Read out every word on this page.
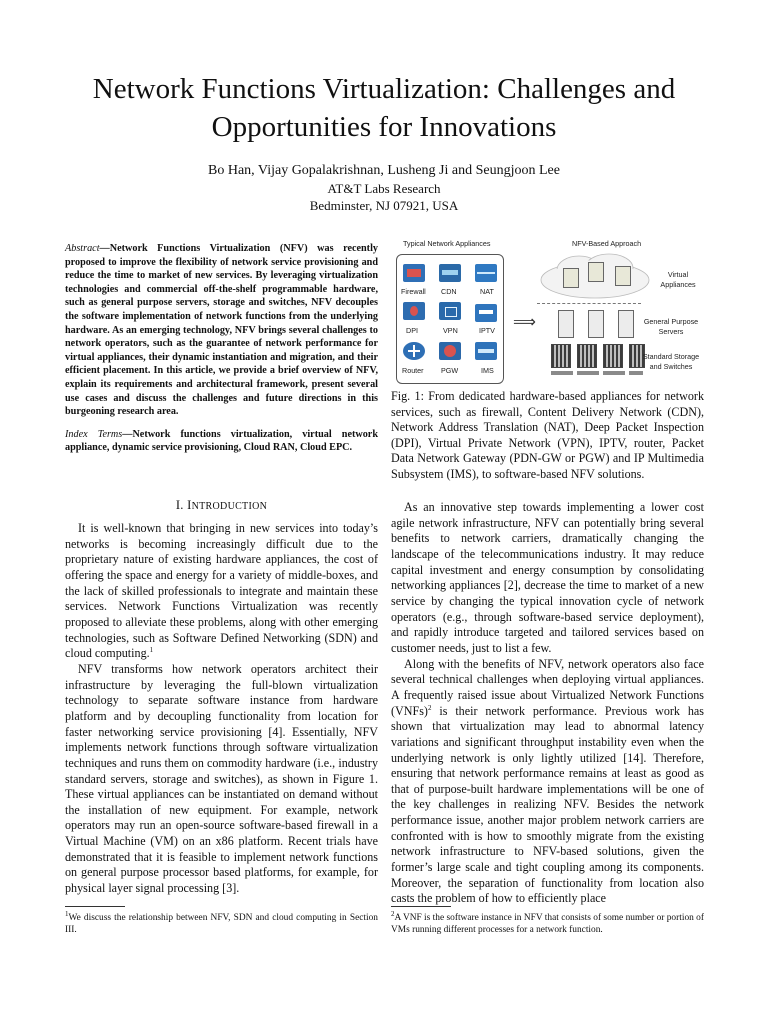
Network Functions Virtualization: Challenges and
Opportunities for Innovations
Bo Han, Vijay Gopalakrishnan, Lusheng Ji and Seungjoon Lee
AT&T Labs Research
Bedminster, NJ 07921, USA

Abstract—Network Functions Virtualization (NFV) was recently proposed to improve the flexibility of network service provisioning and reduce the time to market of new services. By leveraging virtualization technologies and commercial off-the-shelf programmable hardware, such as general purpose servers, storage and switches, NFV decouples the software implementation of network functions from the underlying hardware. As an emerging technology, NFV brings several challenges to network operators, such as the guarantee of network performance for virtual appliances, their dynamic instantiation and migration, and their efficient placement. In this article, we provide a brief overview of NFV, explain its requirements and architectural framework, present several use cases and discuss the challenges and future directions in this burgeoning research area.

Index Terms—Network functions virtualization, virtual network appliance, dynamic service provisioning, Cloud RAN, Cloud EPC.

I. INTRODUCTION

It is well-known that bringing in new services into today’s networks is becoming increasingly difficult due to the proprietary nature of existing hardware appliances, the cost of offering the space and energy for a variety of middle-boxes, and the lack of skilled professionals to integrate and maintain these services. Network Functions Virtualization was recently proposed to alleviate these problems, along with other emerging technologies, such as Software Defined Networking (SDN) and cloud computing.$^1$

NFV transforms how network operators architect their infrastructure by leveraging the full-blown virtualization technology to separate software instance from hardware platform and by decoupling functionality from location for faster networking service provisioning [4]. Essentially, NFV implements network functions through software virtualization techniques and runs them on commodity hardware (i.e., industry standard servers, storage and switches), as shown in Figure 1. These virtual appliances can be instantiated on demand without the installation of new equipment. For example, network operators may run an open-source software-based firewall in a Virtual Machine (VM) on an x86 platform. Recent trials have demonstrated that it is feasible to implement network functions on general purpose processor based platforms, for example, for physical layer signal processing [3].

$^1$We discuss the relationship between NFV, SDN and cloud computing in Section III.

Typical Network Appliances	NFV-Based Approach
Firewall CDN	NAT
DPI	VPN	IPTV
Router PGW	IMS
⟹
Virtual
Appliances
General Purpose
Servers
Standard Storage
and Switches

Fig. 1: From dedicated hardware-based appliances for network services, such as firewall, Content Delivery Network (CDN), Network Address Translation (NAT), Deep Packet Inspection (DPI), Virtual Private Network (VPN), IPTV, router, Packet Data Network Gateway (PDN-GW or PGW) and IP Multimedia Subsystem (IMS), to software-based NFV solutions.

As an innovative step towards implementing a lower cost agile network infrastructure, NFV can potentially bring several benefits to network carriers, dramatically changing the landscape of the telecommunications industry. It may reduce capital investment and energy consumption by consolidating networking appliances [2], decrease the time to market of a new service by changing the typical innovation cycle of network operators (e.g., through software-based service deployment), and rapidly introduce targeted and tailored services based on customer needs, just to list a few.

Along with the benefits of NFV, network operators also face several technical challenges when deploying virtual appliances. A frequently raised issue about Virtualized Network Functions (VNFs)$^2$ is their network performance. Previous work has shown that virtualization may lead to abnormal latency variations and significant throughput instability even when the underlying network is only lightly utilized [14]. Therefore, ensuring that network performance remains at least as good as that of purpose-built hardware implementations will be one of the key challenges in realizing NFV. Besides the network performance issue, another major problem network carriers are confronted with is how to smoothly migrate from the existing network infrastructure to NFV-based solutions, given the former’s large scale and tight coupling among its components. Moreover, the separation of functionality from location also casts the problem of how to efficiently place

$^2$A VNF is the software instance in NFV that consists of some number or portion of VMs running different processes for a network function.
